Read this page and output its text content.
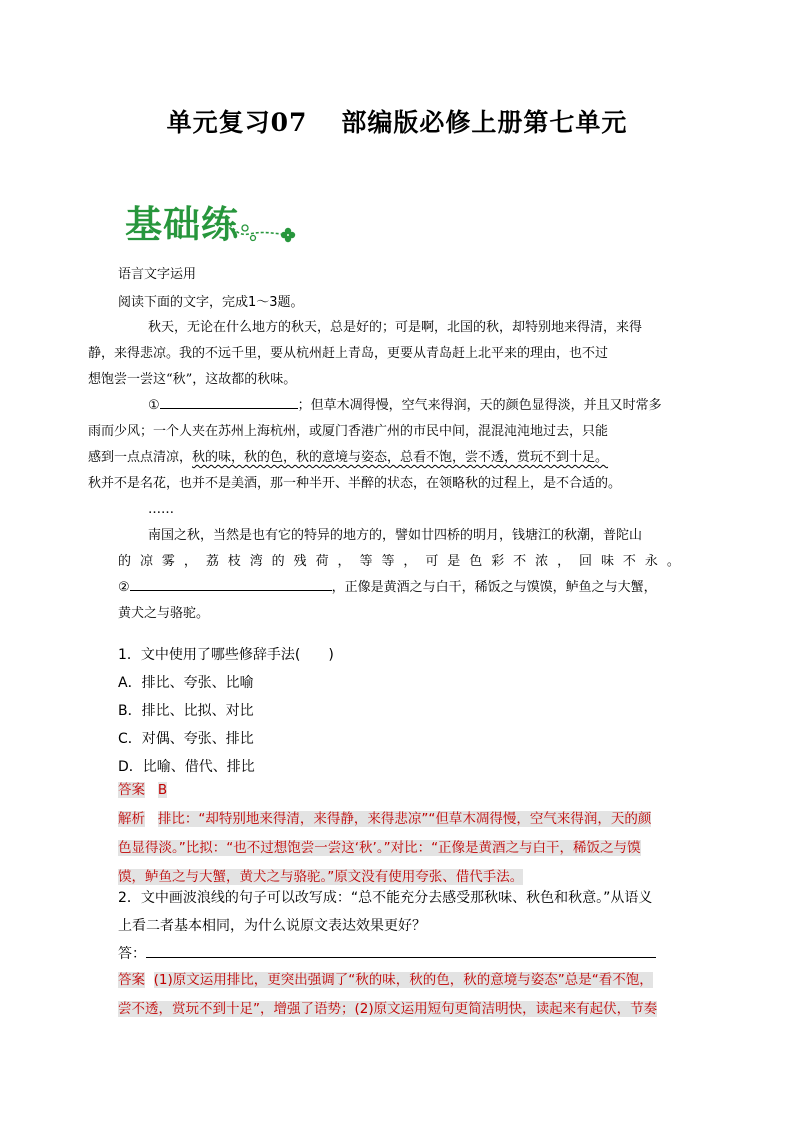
单元复习07 部编版必修上册第七单元
基础练
语言文字运用
阅读下面的文字，完成1～3题。

秋天，无论在什么地方的秋天，总是好的；可是啊，北国的秋，却特别地来得清，来得
静，来得悲凉。我的不远千里，要从杭州赶上青岛，更要从青岛赶上北平来的理由，也不过
想饱尝一尝这“秋”，这故都的秋味。

①	；但草木凋得慢，空气来得润，天的颜色显得淡，并且又时常多
雨而少风；一个人夹在苏州上海杭州，或厦门香港广州的市民中间，混混沌沌地过去，只能
感到一点点清凉，秋的味，秋的色，秋的意境与姿态，总看不饱，尝不透，赏玩不到十足。
秋并不是名花，也并不是美酒，那一种半开、半醉的状态，在领略秋的过程上，是不合适的。

……

南国之秋，当然是也有它的特异的地方的，譬如廿四桥的明月，钱塘江的秋潮，普陀山

的 凉 雾 ， 荔 枝 湾 的 残 荷 ， 等 等 ， 可 是 色 彩 不 浓 ， 回 味 不 永 。
②	，正像是黄酒之与白干，稀饭之与馍馍，鲈鱼之与大蟹，
黄犬之与骆驼。
1．文中使用了哪些修辞手法(　　)
A．排比、夸张、比喻
B．排比、比拟、对比
C．对偶、夸张、排比
D．比喻、借代、排比
答案 B
解析 排比：“却特别地来得清，来得静，来得悲凉”“但草木凋得慢，空气来得润，天的颜
色显得淡。”比拟：“也不过想饱尝一尝这‘秋’。”对比：“正像是黄酒之与白干，稀饭之与馍
馍，鲈鱼之与大蟹，黄犬之与骆驼。”原文没有使用夸张、借代手法。
2．文中画波浪线的句子可以改写成：“总不能充分去感受那秋味、秋色和秋意。”从语义
上看二者基本相同，为什么说原文表达效果更好？
答：
答案 (1)原文运用排比，更突出强调了“秋的味，秋的色，秋的意境与姿态”总是“看不饱，
尝不透，赏玩不到十足”，增强了语势；(2)原文运用短句更简洁明快，读起来有起伏，节奏
